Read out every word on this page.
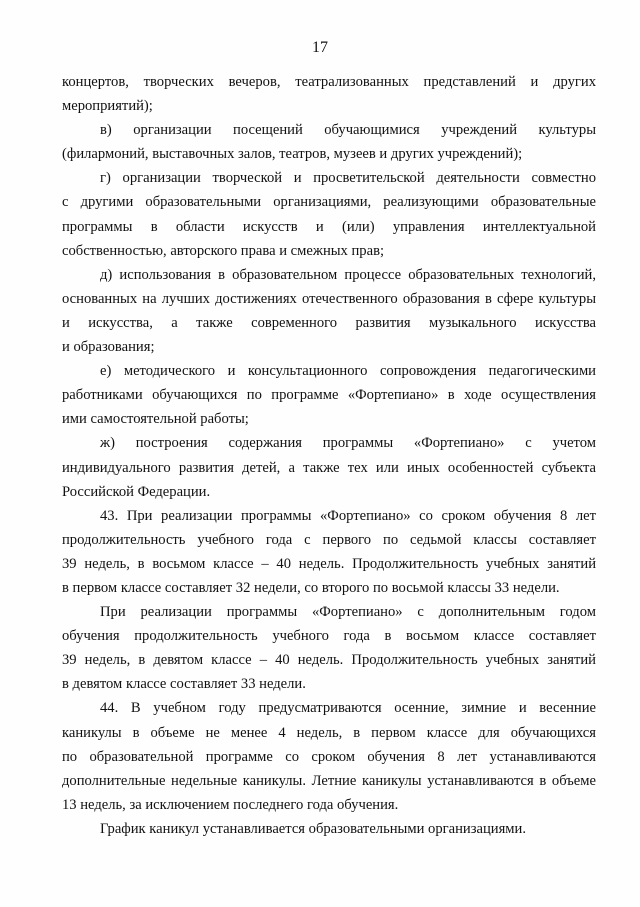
17
концертов, творческих вечеров, театрализованных представлений и других
мероприятий);
в) организации посещений обучающимися учреждений культуры
(филармоний, выставочных залов, театров, музеев и других учреждений);
г) организации творческой и просветительской деятельности совместно
с другими образовательными организациями, реализующими образовательные
программы в области искусств и (или) управления интеллектуальной
собственностью, авторского права и смежных прав;
д) использования в образовательном процессе образовательных технологий,
основанных на лучших достижениях отечественного образования в сфере культуры
и искусства, а также современного развития музыкального искусства
и образования;
е) методического и консультационного сопровождения педагогическими
работниками обучающихся по программе «Фортепиано» в ходе осуществления
ими самостоятельной работы;
ж) построения содержания программы «Фортепиано» с учетом
индивидуального развития детей, а также тех или иных особенностей субъекта
Российской Федерации.
43. При реализации программы «Фортепиано» со сроком обучения 8 лет
продолжительность учебного года с первого по седьмой классы составляет
39 недель, в восьмом классе – 40 недель. Продолжительность учебных занятий
в первом классе составляет 32 недели, со второго по восьмой классы 33 недели.
При реализации программы «Фортепиано» с дополнительным годом
обучения продолжительность учебного года в восьмом классе составляет
39 недель, в девятом классе – 40 недель. Продолжительность учебных занятий
в девятом классе составляет 33 недели.
44. В учебном году предусматриваются осенние, зимние и весенние
каникулы в объеме не менее 4 недель, в первом классе для обучающихся
по образовательной программе со сроком обучения 8 лет устанавливаются
дополнительные недельные каникулы. Летние каникулы устанавливаются в объеме
13 недель, за исключением последнего года обучения.
График каникул устанавливается образовательными организациями.
